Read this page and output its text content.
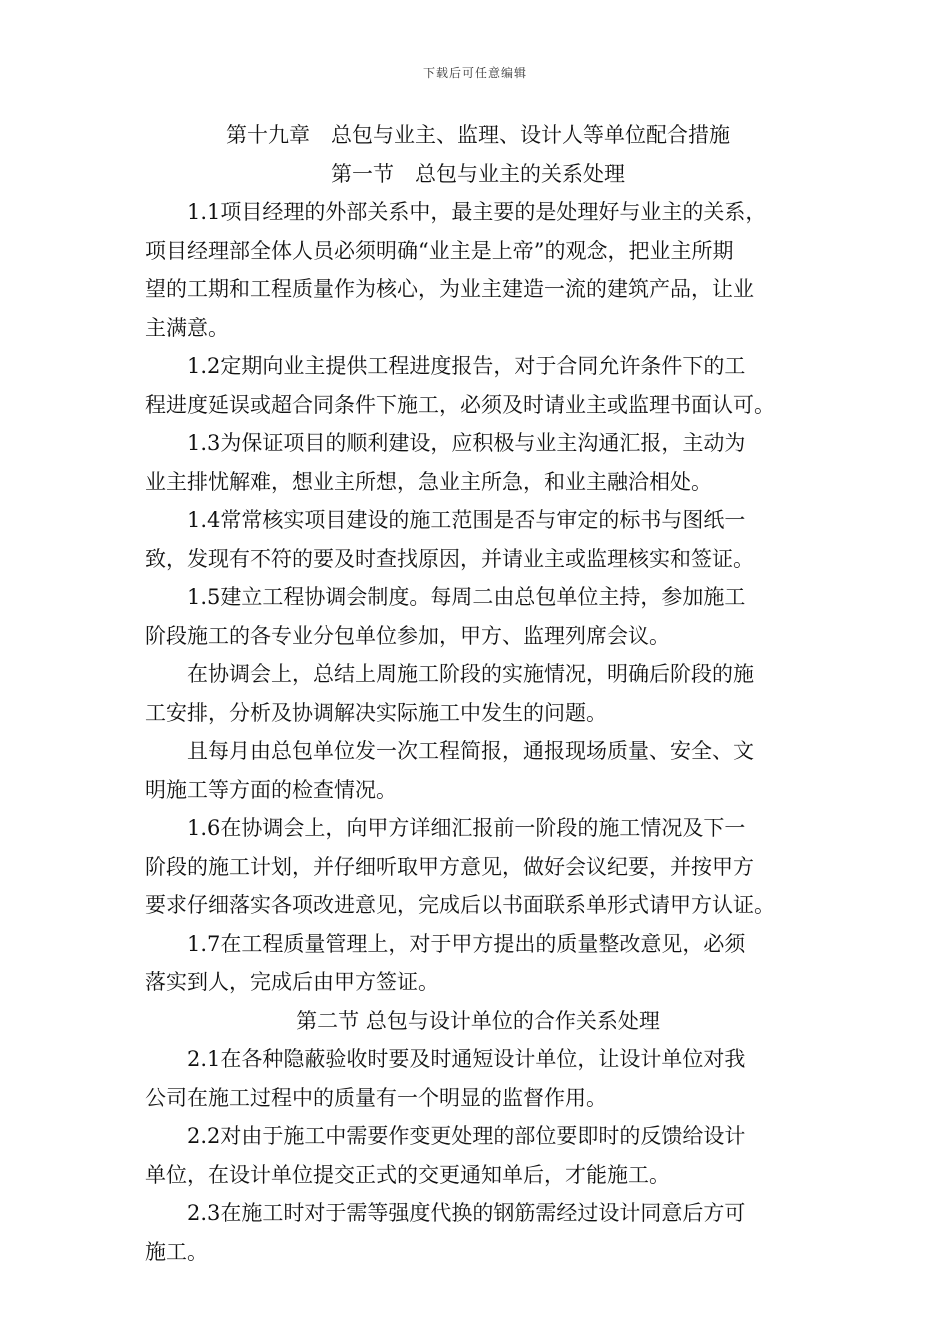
下载后可任意编辑
第十九章　总包与业主、监理、设计人等单位配合措施
第一节　总包与业主的关系处理
1.1项目经理的外部关系中，最主要的是处理好与业主的关系，
项目经理部全体人员必须明确“业主是上帝”的观念，把业主所期
望的工期和工程质量作为核心，为业主建造一流的建筑产品，让业
主满意。
1.2定期向业主提供工程进度报告，对于合同允许条件下的工
程进度延误或超合同条件下施工，必须及时请业主或监理书面认可。
1.3为保证项目的顺利建设，应积极与业主沟通汇报，主动为
业主排忧解难，想业主所想，急业主所急，和业主融洽相处。
1.4常常核实项目建设的施工范围是否与审定的标书与图纸一
致，发现有不符的要及时查找原因，并请业主或监理核实和签证。
1.5建立工程协调会制度。每周二由总包单位主持，参加施工
阶段施工的各专业分包单位参加，甲方、监理列席会议。
在协调会上，总结上周施工阶段的实施情况，明确后阶段的施
工安排，分析及协调解决实际施工中发生的问题。
且每月由总包单位发一次工程简报，通报现场质量、安全、文
明施工等方面的检查情况。
1.6在协调会上，向甲方详细汇报前一阶段的施工情况及下一
阶段的施工计划，并仔细听取甲方意见，做好会议纪要，并按甲方
要求仔细落实各项改进意见，完成后以书面联系单形式请甲方认证。
1.7在工程质量管理上，对于甲方提出的质量整改意见，必须
落实到人，完成后由甲方签证。
第二节 总包与设计单位的合作关系处理
2.1在各种隐蔽验收时要及时通短设计单位，让设计单位对我
公司在施工过程中的质量有一个明显的监督作用。
2.2对由于施工中需要作变更处理的部位要即时的反馈给设计
单位，在设计单位提交正式的交更通知单后，才能施工。
2.3在施工时对于需等强度代换的钢筋需经过设计同意后方可
施工。
